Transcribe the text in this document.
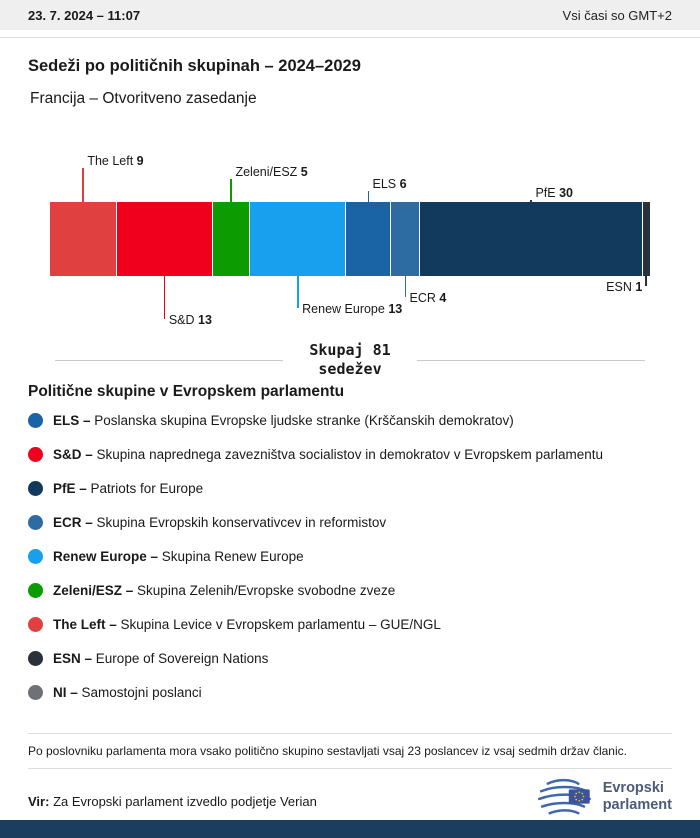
23. 7. 2024 – 11:07	Vsi časi so GMT+2
Sedeži po političnih skupinah – 2024–2029
Francija – Otvoritveno zasedanje
The Left 9
S&D 13
Zeleni/ESZ 5
Renew Europe 13
ELS 6
ECR 4
PfE 30
ESN 1
Skupaj 81
sedežev
Politične skupine v Evropskem parlamentu
ELS – Poslanska skupina Evropske ljudske stranke (Krščanskih demokratov)
S&D – Skupina naprednega zavezništva socialistov in demokratov v Evropskem parlamentu
PfE – Patriots for Europe
ECR – Skupina Evropskih konservativcev in reformistov
Renew Europe – Skupina Renew Europe
Zeleni/ESZ – Skupina Zelenih/Evropske svobodne zveze
The Left – Skupina Levice v Evropskem parlamentu – GUE/NGL
ESN – Europe of Sovereign Nations
NI – Samostojni poslanci
Po poslovniku parlamenta mora vsako politično skupino sestavljati vsaj 23 poslancev iz vsaj sedmih držav članic.
Vir: Za Evropski parlament izvedlo podjetje Verian
Evropski
parlament
